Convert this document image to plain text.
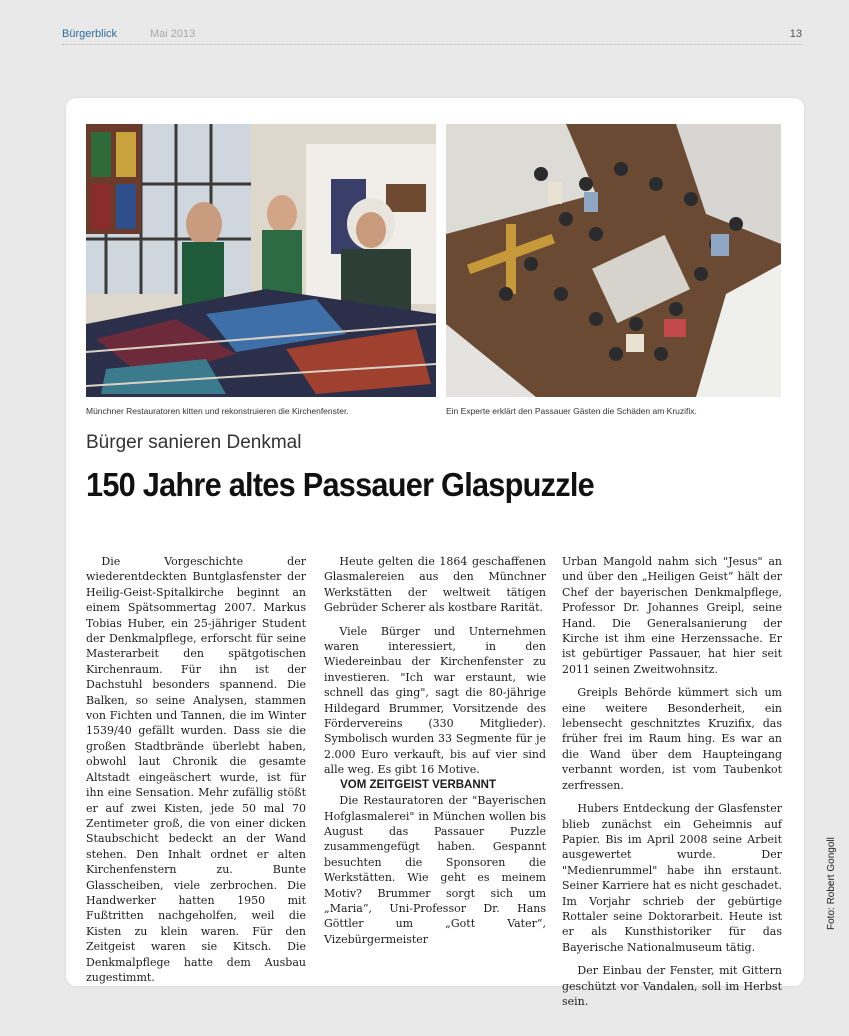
Bürgerblick	Mai 2013	13
Münchner Restauratoren kitten und rekonstruieren die Kirchenfenster.	Ein Experte erklärt den Passauer Gästen die Schäden am Kruzifix.
Bürger sanieren Denkmal
150 Jahre altes Passauer Glaspuzzle

Die Vorgeschichte der wiederentdeckten Buntglasfenster der Heilig-Geist-Spitalkirche beginnt an einem Spätsommertag 2007. Markus Tobias Huber, ein 25-jähriger Student der Denkmalpflege, erforscht für seine Masterarbeit den spätgotischen Kirchenraum. Für ihn ist der Dachstuhl besonders spannend. Die Balken, so seine Analysen, stammen von Fichten und Tannen, die im Winter 1539/40 gefällt wurden. Dass sie die großen Stadtbrände überlebt haben, obwohl laut Chronik die gesamte Altstadt eingeäschert wurde, ist für ihn eine Sensation. Mehr zufällig stößt er auf zwei Kisten, jede 50 mal 70 Zentimeter groß, die von einer dicken Staubschicht bedeckt an der Wand stehen. Den Inhalt ordnet er alten Kirchenfenstern zu. Bunte Glasscheiben, viele zerbrochen. Die Handwerker hatten 1950 mit Fußtritten nachgeholfen, weil die Kisten zu klein waren. Für den Zeitgeist waren sie Kitsch. Die Denkmalpflege hatte dem Ausbau zugestimmt.

Heute gelten die 1864 geschaffenen Glasmalereien aus den Münchner Werkstätten der weltweit tätigen Gebrüder Scherer als kostbare Rarität.

Viele Bürger und Unternehmen waren interessiert, in den Wiedereinbau der Kirchenfenster zu investieren. "Ich war erstaunt, wie schnell das ging", sagt die 80-jährige Hildegard Brummer, Vorsitzende des Fördervereins (330 Mitglieder). Symbolisch wurden 33 Segmente für je 2.000 Euro verkauft, bis auf vier sind alle weg. Es gibt 16 Motive.

VOM ZEITGEIST VERBANNT

Die Restauratoren der "Bayerischen Hofglasmalerei" in München wollen bis August das Passauer Puzzle zusammengefügt haben. Gespannt besuchten die Sponsoren die Werkstätten. Wie geht es meinem Motiv? Brummer sorgt sich um „Maria“, Uni-Professor Dr. Hans Göttler um „Gott Vater“, Vizebürgermeister

Urban Mangold nahm sich "Jesus" an und über den „Heiligen Geist“ hält der Chef der bayerischen Denkmalpflege, Professor Dr. Johannes Greipl, seine Hand. Die Generalsanierung der Kirche ist ihm eine Herzenssache. Er ist gebürtiger Passauer, hat hier seit 2011 seinen Zweitwohnsitz.

Greipls Behörde kümmert sich um eine weitere Besonderheit, ein lebensecht geschnitztes Kruzifix, das früher frei im Raum hing. Es war an die Wand über dem Haupteingang verbannt worden, ist vom Taubenkot zerfressen.

Hubers Entdeckung der Glasfenster blieb zunächst ein Geheimnis auf Papier. Bis im April 2008 seine Arbeit ausgewertet wurde. Der "Medienrummel" habe ihn erstaunt. Seiner Karriere hat es nicht geschadet. Im Vorjahr schrieb der gebürtige Rottaler seine Doktorarbeit. Heute ist er als Kunsthistoriker für das Bayerische Nationalmuseum tätig.

Der Einbau der Fenster, mit Gittern geschützt vor Vandalen, soll im Herbst sein.

Foto: Robert Gongoll
